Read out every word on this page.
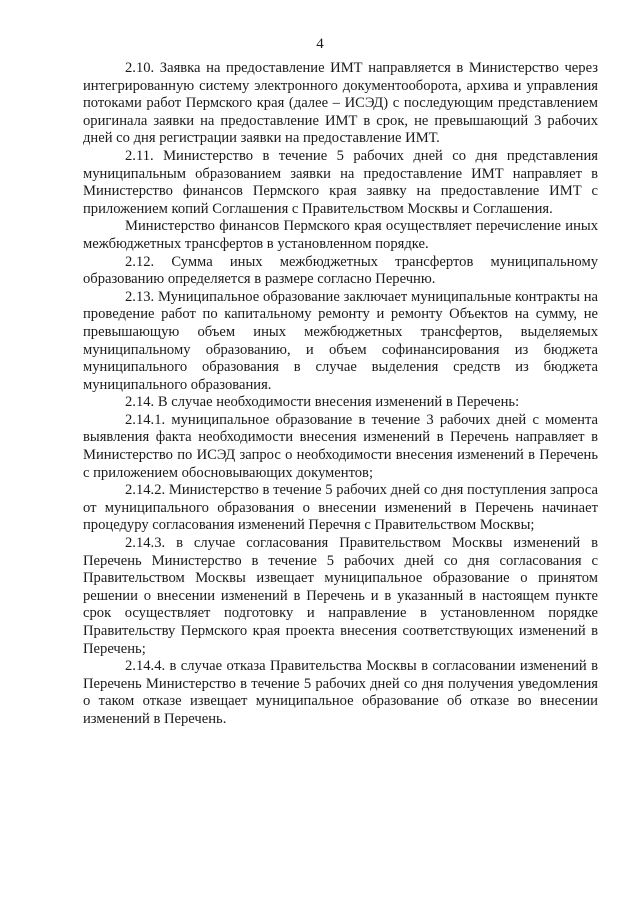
4

2.10. Заявка на предоставление ИМТ направляется в Министерство через интегрированную систему электронного документооборота, архива и управления потоками работ Пермского края (далее – ИСЭД) с последующим представлением оригинала заявки на предоставление ИМТ в срок, не превышающий 3 рабочих дней со дня регистрации заявки на предоставление ИМТ.

2.11. Министерство в течение 5 рабочих дней со дня представления муниципальным образованием заявки на предоставление ИМТ направляет в Министерство финансов Пермского края заявку на предоставление ИМТ с приложением копий Соглашения с Правительством Москвы и Соглашения.

Министерство финансов Пермского края осуществляет перечисление иных межбюджетных трансфертов в установленном порядке.

2.12. Сумма иных межбюджетных трансфертов муниципальному образованию определяется в размере согласно Перечню.

2.13. Муниципальное образование заключает муниципальные контракты на проведение работ по капитальному ремонту и ремонту Объектов на сумму, не превышающую объем иных межбюджетных трансфертов, выделяемых муниципальному образованию, и объем софинансирования из бюджета муниципального образования в случае выделения средств из бюджета муниципального образования.

2.14. В случае необходимости внесения изменений в Перечень:

2.14.1. муниципальное образование в течение 3 рабочих дней с момента выявления факта необходимости внесения изменений в Перечень направляет в Министерство по ИСЭД запрос о необходимости внесения изменений в Перечень с приложением обосновывающих документов;

2.14.2. Министерство в течение 5 рабочих дней со дня поступления запроса от муниципального образования о внесении изменений в Перечень начинает процедуру согласования изменений Перечня с Правительством Москвы;

2.14.3. в случае согласования Правительством Москвы изменений в Перечень Министерство в течение 5 рабочих дней со дня согласования с Правительством Москвы извещает муниципальное образование о принятом решении о внесении изменений в Перечень и в указанный в настоящем пункте срок осуществляет подготовку и направление в установленном порядке Правительству Пермского края проекта внесения соответствующих изменений в Перечень;

2.14.4. в случае отказа Правительства Москвы в согласовании изменений в Перечень Министерство в течение 5 рабочих дней со дня получения уведомления о таком отказе извещает муниципальное образование об отказе во внесении изменений в Перечень.
